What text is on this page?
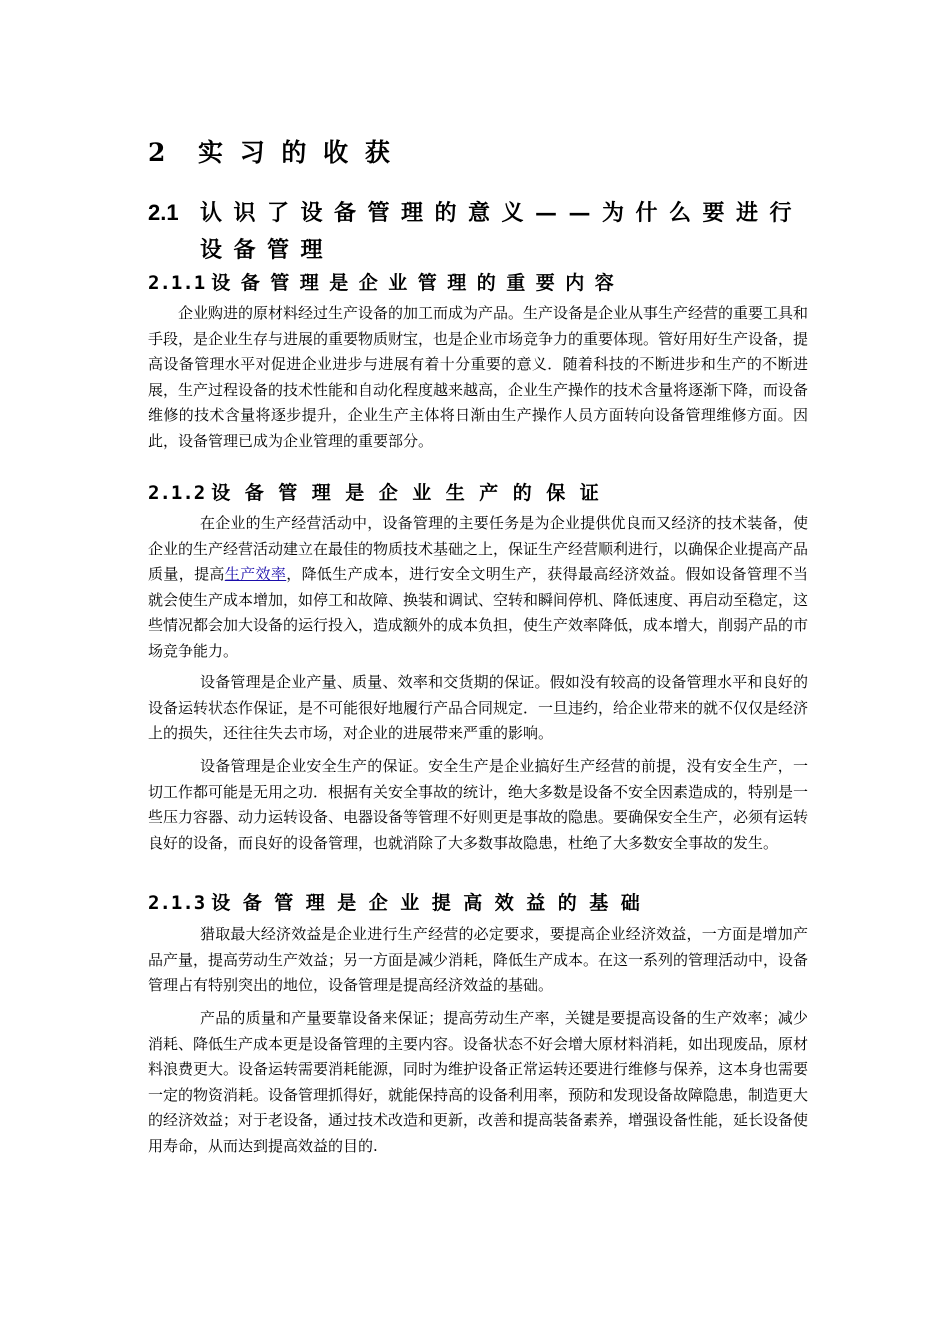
2 实 习 的 收 获
2.1 认识了设备管理的意义——为什么要进行
设备管理
2.1.1 设备管理是企业管理的重要内容

企业购进的原材料经过生产设备的加工而成为产品。生产设备是企业从事生产经营的重要工具和手段，是企业生存与进展的重要物质财宝，也是企业市场竞争力的重要体现。管好用好生产设备，提高设备管理水平对促进企业进步与进展有着十分重要的意义．随着科技的不断进步和生产的不断进展，生产过程设备的技术性能和自动化程度越来越高，企业生产操作的技术含量将逐渐下降，而设备维修的技术含量将逐步提升，企业生产主体将日渐由生产操作人员方面转向设备管理维修方面。因此，设备管理已成为企业管理的重要部分。

2.1.2 设备管理是企业生产的保证

在企业的生产经营活动中，设备管理的主要任务是为企业提供优良而又经济的技术装备，使企业的生产经营活动建立在最佳的物质技术基础之上，保证生产经营顺利进行，以确保企业提高产品质量，提高生产效率，降低生产成本，进行安全文明生产，获得最高经济效益。假如设备管理不当就会使生产成本增加，如停工和故障、换装和调试、空转和瞬间停机、降低速度、再启动至稳定，这些情况都会加大设备的运行投入，造成额外的成本负担，使生产效率降低，成本增大，削弱产品的市场竞争能力。

设备管理是企业产量、质量、效率和交货期的保证。假如没有较高的设备管理水平和良好的设备运转状态作保证，是不可能很好地履行产品合同规定．一旦违约，给企业带来的就不仅仅是经济上的损失，还往往失去市场，对企业的进展带来严重的影响。

设备管理是企业安全生产的保证。安全生产是企业搞好生产经营的前提，没有安全生产，一切工作都可能是无用之功．根据有关安全事故的统计，绝大多数是设备不安全因素造成的，特别是一些压力容器、动力运转设备、电器设备等管理不好则更是事故的隐患。要确保安全生产，必须有运转良好的设备，而良好的设备管理，也就消除了大多数事故隐患，杜绝了大多数安全事故的发生。

2.1.3 设备管理是企业提高效益的基础

猎取最大经济效益是企业进行生产经营的必定要求，要提高企业经济效益，一方面是增加产品产量，提高劳动生产效益；另一方面是减少消耗，降低生产成本。在这一系列的管理活动中，设备管理占有特别突出的地位，设备管理是提高经济效益的基础。

产品的质量和产量要靠设备来保证；提高劳动生产率，关键是要提高设备的生产效率；减少消耗、降低生产成本更是设备管理的主要内容。设备状态不好会增大原材料消耗，如出现废品，原材料浪费更大。设备运转需要消耗能源，同时为维护设备正常运转还要进行维修与保养，这本身也需要一定的物资消耗。设备管理抓得好，就能保持高的设备利用率，预防和发现设备故障隐患，制造更大的经济效益；对于老设备，通过技术改造和更新，改善和提高装备素养，增强设备性能，延长设备使用寿命，从而达到提高效益的目的.
